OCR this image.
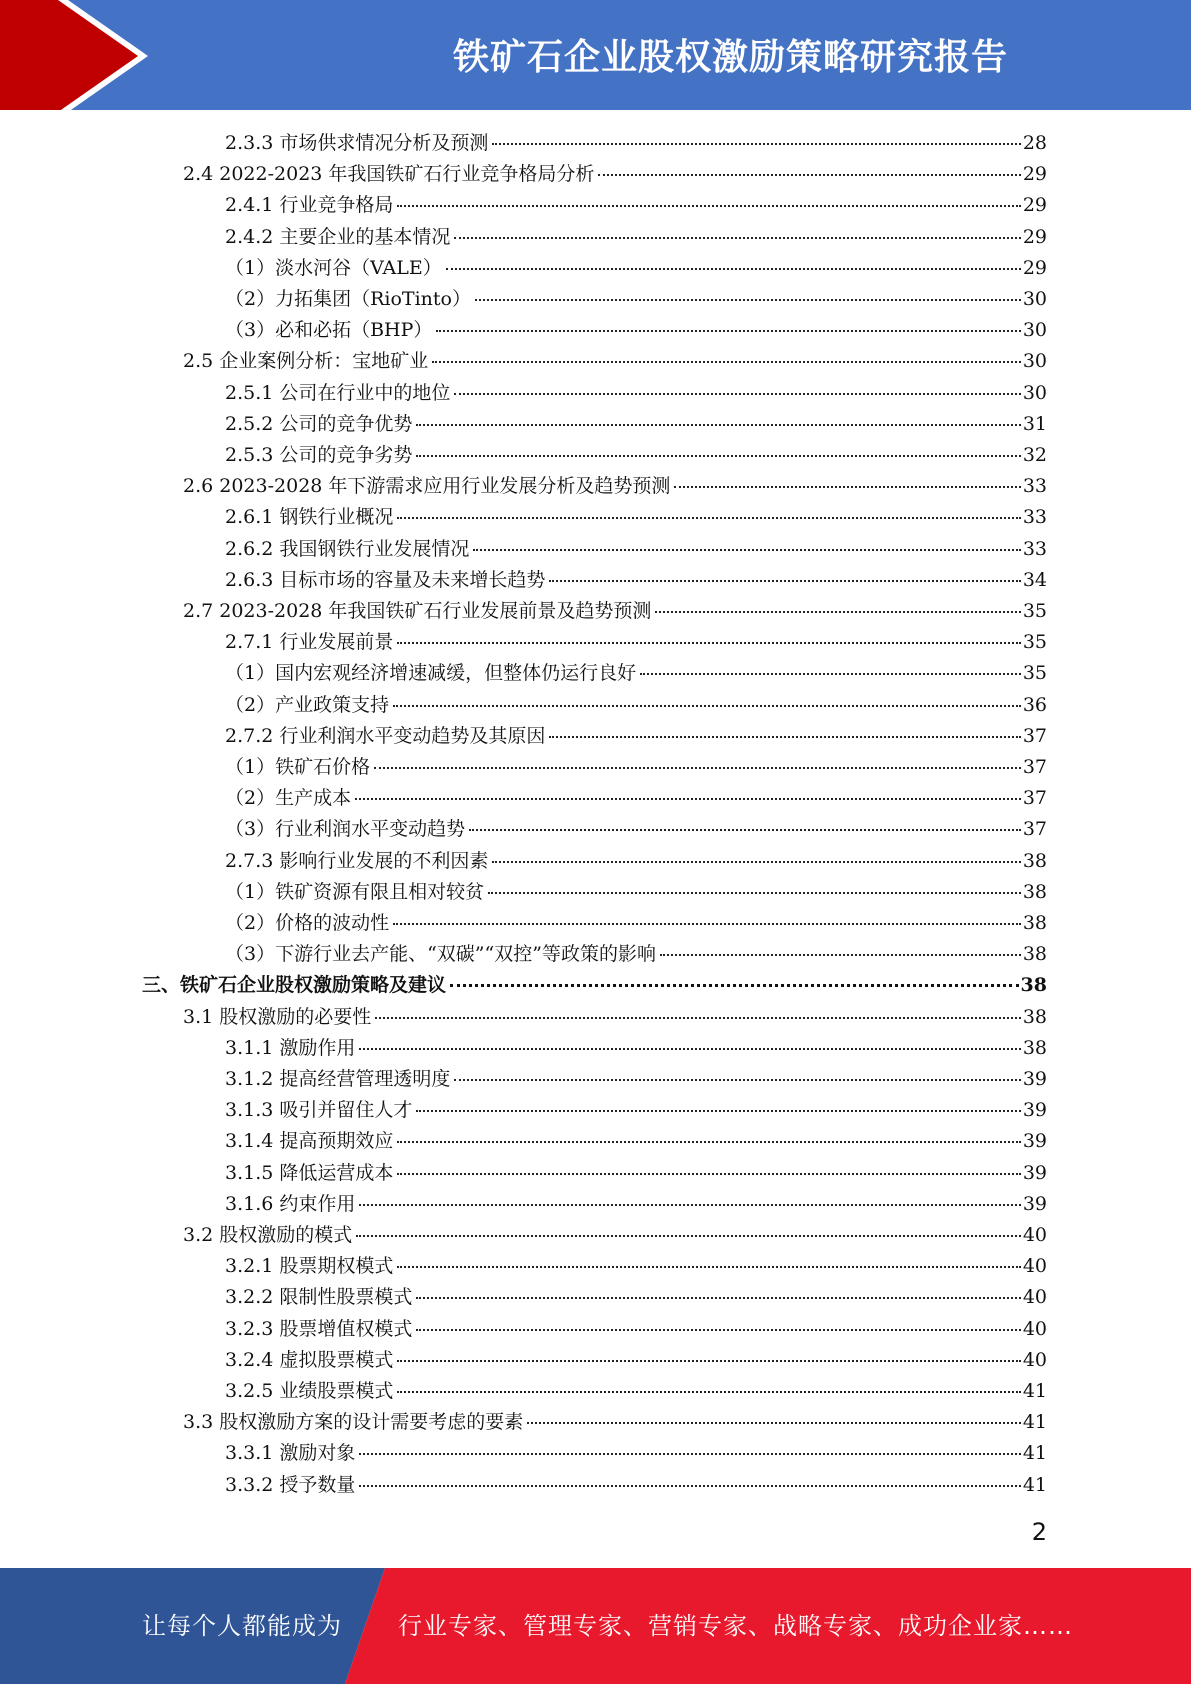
铁矿石企业股权激励策略研究报告
2.3.3 市场供求情况分析及预测	28
2.4 2022-2023 年我国铁矿石行业竞争格局分析	29
2.4.1 行业竞争格局	29
2.4.2 主要企业的基本情况	29
（1）淡水河谷（VALE）	29
（2）力拓集团（RioTinto）	30
（3）必和必拓（BHP）	30
2.5 企业案例分析：宝地矿业	30
2.5.1 公司在行业中的地位	30
2.5.2 公司的竞争优势	31
2.5.3 公司的竞争劣势	32
2.6 2023-2028 年下游需求应用行业发展分析及趋势预测	33
2.6.1 钢铁行业概况	33
2.6.2 我国钢铁行业发展情况	33
2.6.3 目标市场的容量及未来增长趋势	34
2.7 2023-2028 年我国铁矿石行业发展前景及趋势预测	35
2.7.1 行业发展前景	35
（1）国内宏观经济增速减缓，但整体仍运行良好	35
（2）产业政策支持	36
2.7.2 行业利润水平变动趋势及其原因	37
（1）铁矿石价格	37
（2）生产成本	37
（3）行业利润水平变动趋势	37
2.7.3 影响行业发展的不利因素	38
（1）铁矿资源有限且相对较贫	38
（2）价格的波动性	38
（3）下游行业去产能、“双碳”“双控”等政策的影响	38
三、铁矿石企业股权激励策略及建议	38
3.1 股权激励的必要性	38
3.1.1 激励作用	38
3.1.2 提高经营管理透明度	39
3.1.3 吸引并留住人才	39
3.1.4 提高预期效应	39
3.1.5 降低运营成本	39
3.1.6 约束作用	39
3.2 股权激励的模式	40
3.2.1 股票期权模式	40
3.2.2 限制性股票模式	40
3.2.3 股票增值权模式	40
3.2.4 虚拟股票模式	40
3.2.5 业绩股票模式	41
3.3 股权激励方案的设计需要考虑的要素	41
3.3.1 激励对象	41
3.3.2 授予数量	41
2
让每个人都能成为 行业专家、管理专家、营销专家、战略专家、成功企业家……
